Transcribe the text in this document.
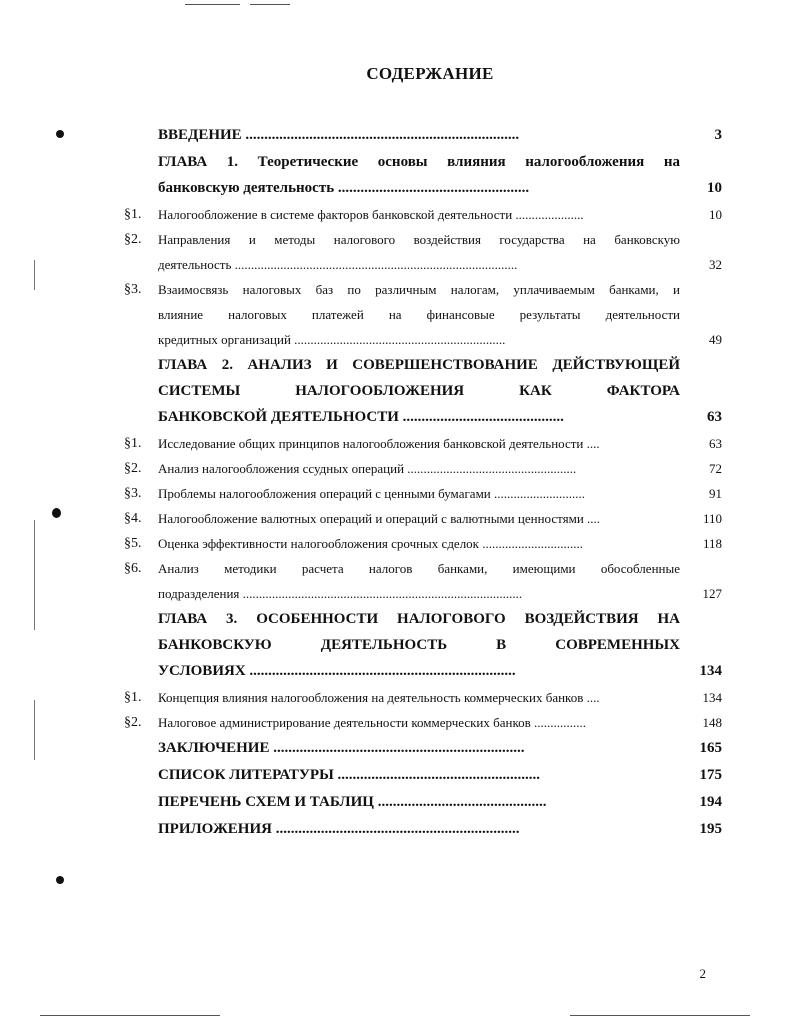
СОДЕРЖАНИЕ
ВВЕДЕНИЕ .........................................................................	3
ГЛАВА 1. Теоретические основы влияния налогообложения на
банковскую деятельность ...................................................	10
§1.	Налогообложение в системе факторов банковской деятельности .....................	10
§2.	Направления и методы налогового воздействия государства на банковскую
деятельность .......................................................................................	32
§3.	Взаимосвязь налоговых баз по различным налогам, уплачиваемым банками, и
влияние налоговых платежей на финансовые результаты деятельности
кредитных организаций .................................................................	49
ГЛАВА 2. АНАЛИЗ И СОВЕРШЕНСТВОВАНИЕ ДЕЙСТВУЮЩЕЙ
СИСТЕМЫ НАЛОГООБЛОЖЕНИЯ КАК ФАКТОРА
БАНКОВСКОЙ ДЕЯТЕЛЬНОСТИ ...........................................	63
§1.	Исследование общих принципов налогообложения банковской деятельности ....	63
§2.	Анализ налогообложения ссудных операций ....................................................	72
§3.	Проблемы налогообложения операций с ценными бумагами ............................	91
§4.	Налогообложение валютных операций и операций с валютными ценностями ....	110
§5.	Оценка эффективности налогообложения срочных сделок ...............................	118
§6.	Анализ методики расчета налогов банками, имеющими обособленные
подразделения ......................................................................................	127
ГЛАВА 3. ОСОБЕННОСТИ НАЛОГОВОГО ВОЗДЕЙСТВИЯ НА
БАНКОВСКУЮ ДЕЯТЕЛЬНОСТЬ В СОВРЕМЕННЫХ
УСЛОВИЯХ .......................................................................	134
§1.	Концепция влияния налогообложения на деятельность коммерческих банков ....	134
§2.	Налоговое администрирование деятельности коммерческих банков ................	148
ЗАКЛЮЧЕНИЕ ...................................................................	165
СПИСОК ЛИТЕРАТУРЫ ......................................................	175
ПЕРЕЧЕНЬ СХЕМ И ТАБЛИЦ .............................................	194
ПРИЛОЖЕНИЯ .................................................................	195
2
